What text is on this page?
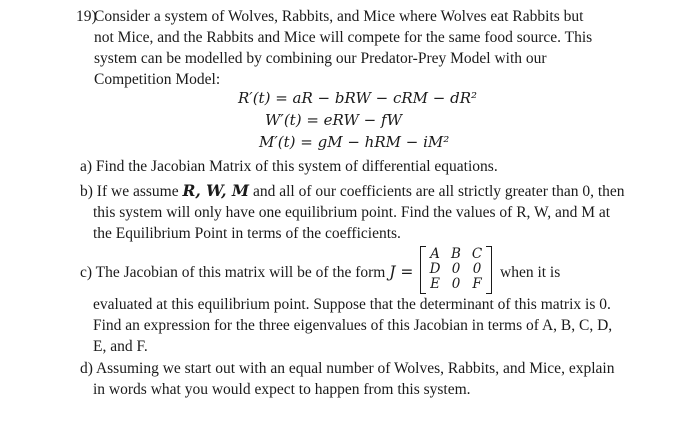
19)
Consider a system of Wolves, Rabbits, and Mice where Wolves eat Rabbits but
not Mice, and the Rabbits and Mice will compete for the same food source. This
system can be modelled by combining our Predator-Prey Model with our
Competition Model:
R′(t) = aR − bRW − cRM − dR²
W′(t) = eRW − fW
M′(t) = gM − hRM − iM²
a) Find the Jacobian Matrix of this system of differential equations.
b) If we assume R, W, M and all of our coefficients are all strictly greater than 0, then
this system will only have one equilibrium point. Find the values of R, W, and M at
the Equilibrium Point in terms of the coefficients.
c) The Jacobian of this matrix will be of the form J =
A B C
D 0 0
E 0 F
when it is
evaluated at this equilibrium point. Suppose that the determinant of this matrix is 0.
Find an expression for the three eigenvalues of this Jacobian in terms of A, B, C, D,
E, and F.
d) Assuming we start out with an equal number of Wolves, Rabbits, and Mice, explain
in words what you would expect to happen from this system.
